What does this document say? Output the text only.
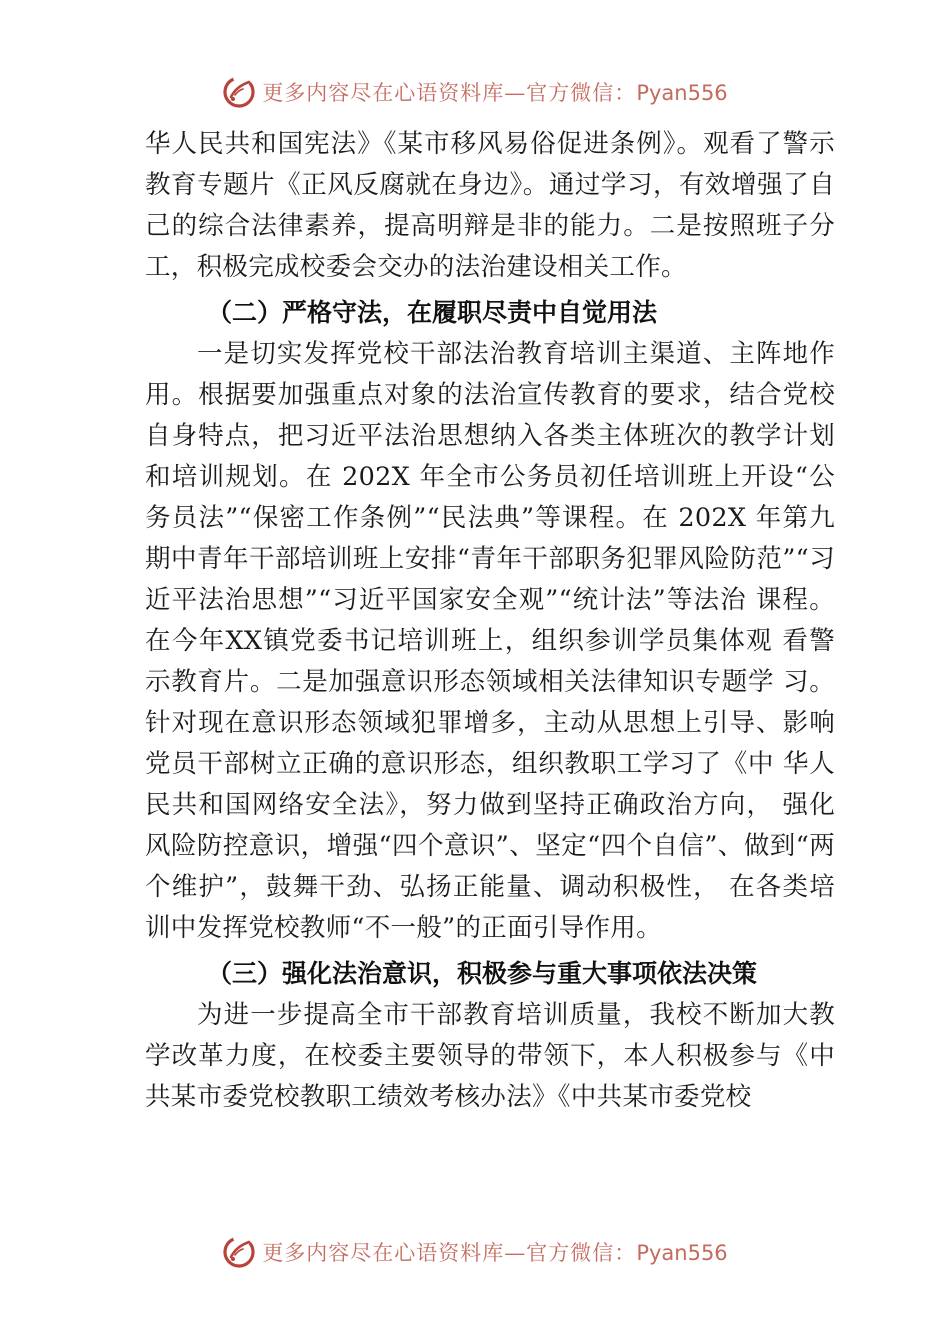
更多内容尽在心语资料库—官方微信：Pyan556

华人民共和国宪法》《某市移风易俗促进条例》。观看了警示教育专题片《正风反腐就在身边》。通过学习，有效增强了自己的综合法律素养，提高明辩是非的能力。二是按照班子分工，积极完成校委会交办的法治建设相关工作。

（二）严格守法，在履职尽责中自觉用法

一是切实发挥党校干部法治教育培训主渠道、主阵地作用。根据要加强重点对象的法治宣传教育的要求，结合党校自身特点，把习近平法治思想纳入各类主体班次的教学计划和培训规划。在 202X 年全市公务员初任培训班上开设“公务员法”“保密工作条例”“民法典”等课程。在 202X 年第九期中青年干部培训班上安排“青年干部职务犯罪风险防范”“习近平法治思想”“习近平国家安全观”“统计法”等法治 课程。在今年XX镇党委书记培训班上，组织参训学员集体观 看警示教育片。二是加强意识形态领域相关法律知识专题学 习。针对现在意识形态领域犯罪增多，主动从思想上引导、影响党员干部树立正确的意识形态，组织教职工学习了《中 华人民共和国网络安全法》，努力做到坚持正确政治方向， 强化风险防控意识，增强“四个意识”、坚定“四个自信”、做到“两个维护”，鼓舞干劲、弘扬正能量、调动积极性， 在各类培训中发挥党校教师“不一般”的正面引导作用。

（三）强化法治意识，积极参与重大事项依法决策

为进一步提高全市干部教育培训质量，我校不断加大教学改革力度，在校委主要领导的带领下，本人积极参与《中共某市委党校教职工绩效考核办法》《中共某市委党校

更多内容尽在心语资料库—官方微信：Pyan556
